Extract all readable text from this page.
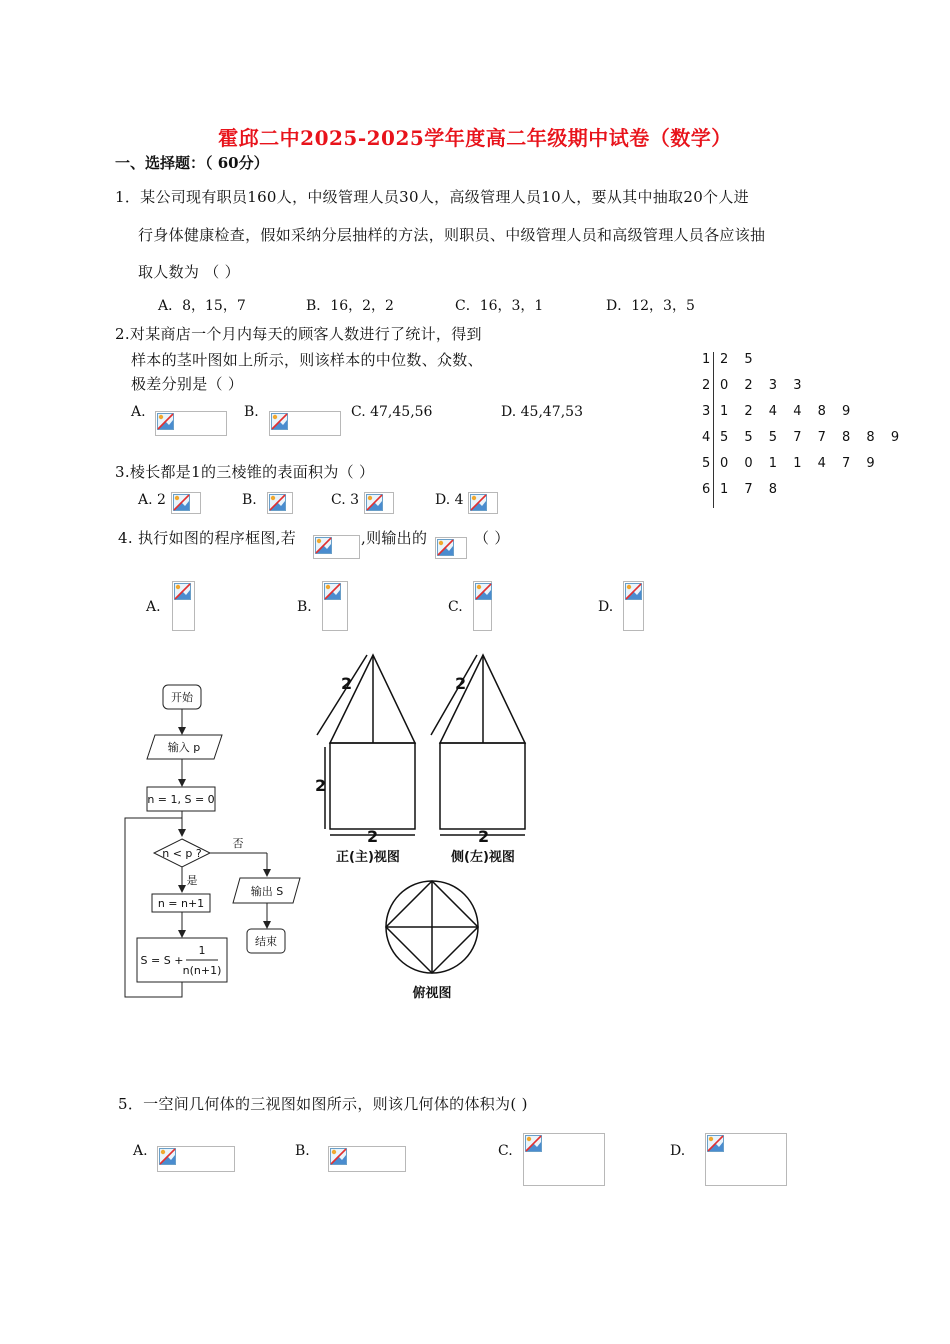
霍邱二中2025-2025学年度高二年级期中试卷（数学）
一、选择题：（ 60分）
1．某公司现有职员160人，中级管理人员30人，高级管理人员10人，要从其中抽取20个人进
行身体健康检查，假如采纳分层抽样的方法，则职员、中级管理人员和高级管理人员各应该抽
取人数为 （ ）
A．8，15，7	B．16，2，2	C．16，3，1	D．12，3，5
2.对某商店一个月内每天的顾客人数进行了统计，得到
样本的茎叶图如上所示，则该样本的中位数、众数、
极差分别是（ ）
A.	B.	C. 47,45,56	D. 45,47,53
1 2 5
2 0 2 3 3
3 1 2 4 4 8 9
4 5 5 5 7 7 8 8 9
5 0 0 1 1 4 7 9
6 1 7 8
3.棱长都是1的三棱锥的表面积为（ ）
A. 2	B.	C. 3	D. 4
4. 执行如图的程序框图,若	,则输出的	（ ）
A.	B.	C.	D.
开始
输入 p
n = 1, S = 0
n < p ?
否
是
n = n+1
S = S +
1
n(n+1)
输出 S
结束
2
2
2
正(主)视图
2
2
侧(左)视图
俯视图
5．一空间几何体的三视图如图所示，则该几何体的体积为( )
A.	B.	C.	D.
